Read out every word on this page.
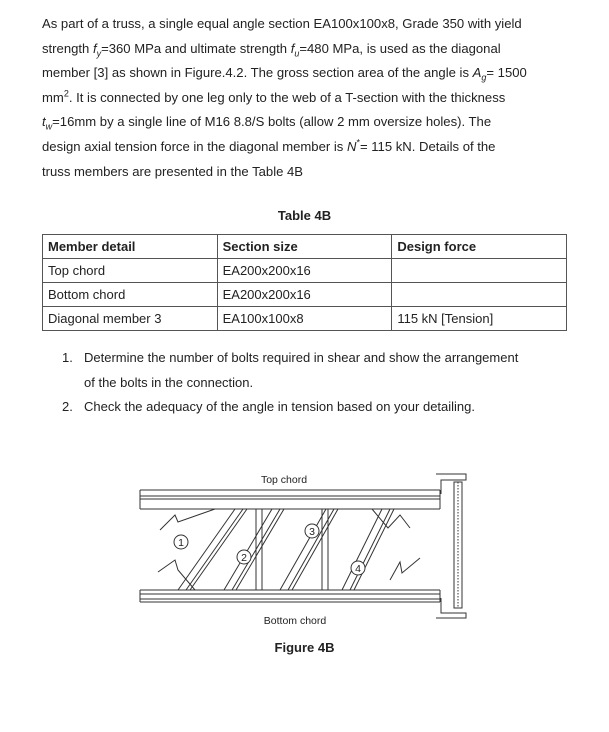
As part of a truss, a single equal angle section EA100x100x8, Grade 350 with yield
strength $f_y=360$ MPa and ultimate strength $f_u=480$ MPa, is used as the diagonal
member [3] as shown in Figure.4.2. The gross section area of the angle is $A_g= 1500$
$mm^2$. It is connected by one leg only to the web of a T-section with the thickness
$t_w=16mm$ by a single line of M16 8.8/S bolts (allow 2 mm oversize holes). The
design axial tension force in the diagonal member is N*= 115 kN. Details of the
truss members are presented in the Table 4B
Table 4B
Member detail	Section size	Design force
Top chord	EA200x200x16	
Bottom chord	EA200x200x16	
Diagonal member 3	EA100x100x8	115 kN [Tension]
1. Determine the number of bolts required in shear and show the arrangement
of the bolts in the connection.
2. Check the adequacy of the angle in tension based on your detailing.
Top chord
1
2
3
4
Bottom chord
Figure 4B
